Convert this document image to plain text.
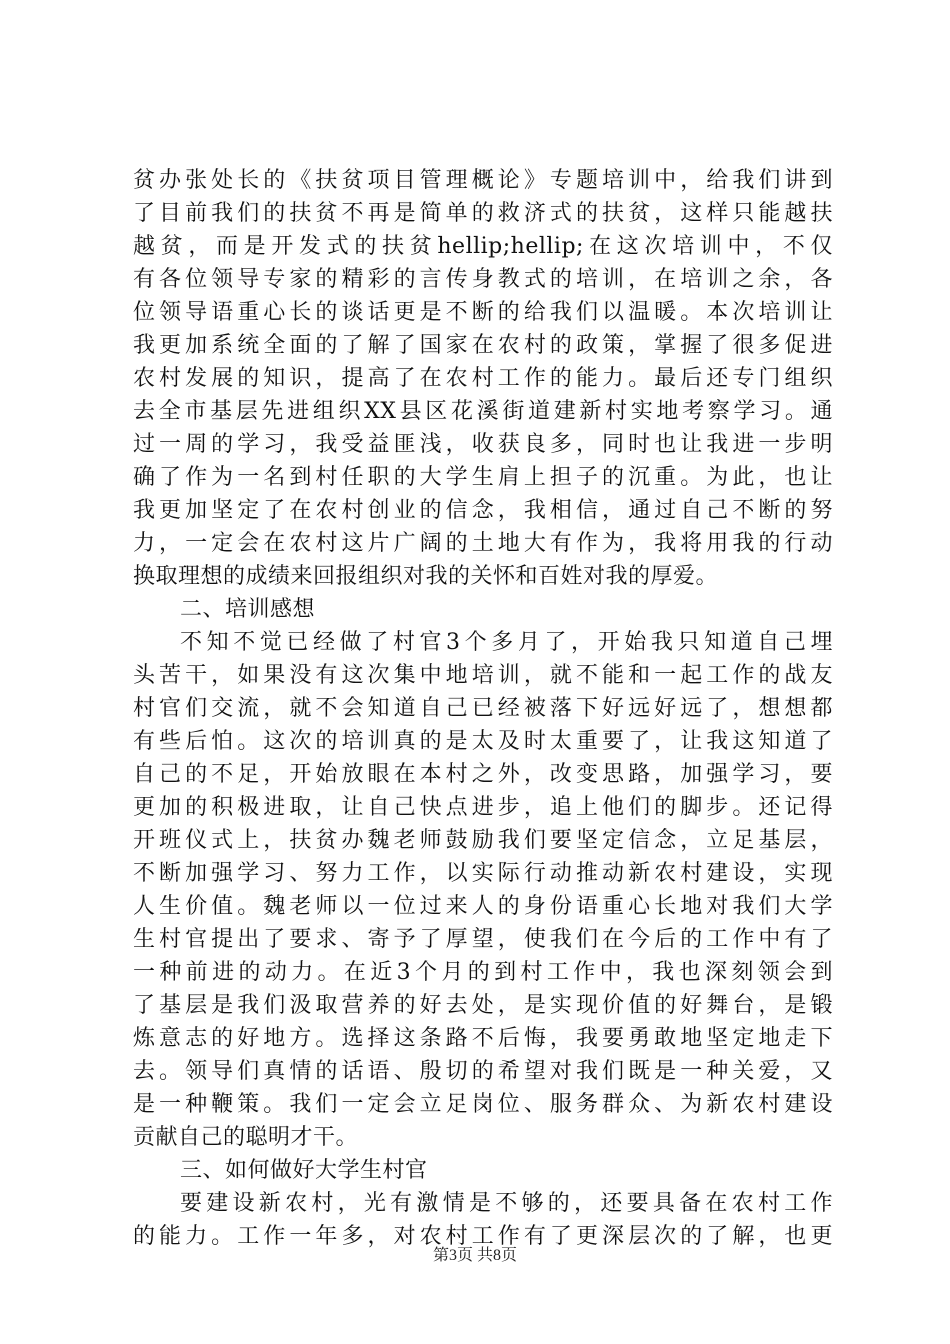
贫办张处长的《扶贫项目管理概论》专题培训中，给我们讲到
了目前我们的扶贫不再是简单的救济式的扶贫，这样只能越扶
越贫，而是开发式的扶贫hellip;hellip;在这次培训中，不仅
有各位领导专家的精彩的言传身教式的培训，在培训之余，各
位领导语重心长的谈话更是不断的给我们以温暖。本次培训让
我更加系统全面的了解了国家在农村的政策，掌握了很多促进
农村发展的知识，提高了在农村工作的能力。最后还专门组织
去全市基层先进组织XX县区花溪街道建新村实地考察学习。通
过一周的学习，我受益匪浅，收获良多，同时也让我进一步明
确了作为一名到村任职的大学生肩上担子的沉重。为此，也让
我更加坚定了在农村创业的信念，我相信，通过自己不断的努
力，一定会在农村这片广阔的土地大有作为，我将用我的行动
换取理想的成绩来回报组织对我的关怀和百姓对我的厚爱。
二、培训感想
不知不觉已经做了村官3个多月了，开始我只知道自己埋
头苦干，如果没有这次集中地培训，就不能和一起工作的战友
村官们交流，就不会知道自己已经被落下好远好远了，想想都
有些后怕。这次的培训真的是太及时太重要了，让我这知道了
自己的不足，开始放眼在本村之外，改变思路，加强学习，要
更加的积极进取，让自己快点进步，追上他们的脚步。还记得
开班仪式上，扶贫办魏老师鼓励我们要坚定信念，立足基层，
不断加强学习、努力工作，以实际行动推动新农村建设，实现
人生价值。魏老师以一位过来人的身份语重心长地对我们大学
生村官提出了要求、寄予了厚望，使我们在今后的工作中有了
一种前进的动力。在近3个月的到村工作中，我也深刻领会到
了基层是我们汲取营养的好去处，是实现价值的好舞台，是锻
炼意志的好地方。选择这条路不后悔，我要勇敢地坚定地走下
去。领导们真情的话语、殷切的希望对我们既是一种关爱，又
是一种鞭策。我们一定会立足岗位、服务群众、为新农村建设
贡献自己的聪明才干。
三、如何做好大学生村官
要建设新农村，光有激情是不够的，还要具备在农村工作
的能力。工作一年多，对农村工作有了更深层次的了解，也更
第3页 共8页
